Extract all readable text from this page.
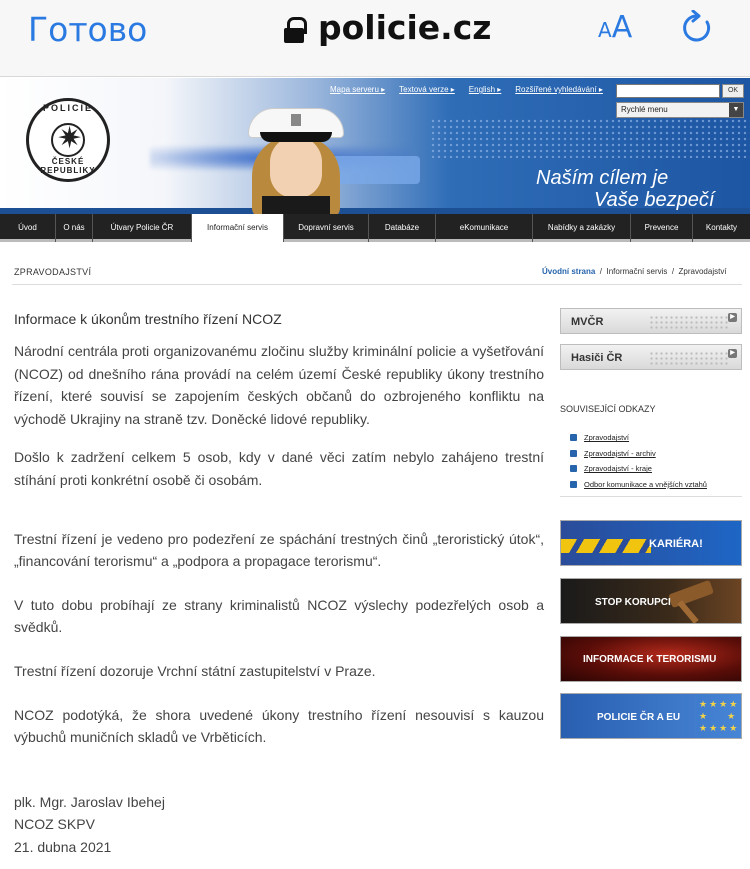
Готово	policie.cz	AA
POLICIE
✷
ČESKÉ REPUBLIKY	Naším cílem je
Vaše bezpečí
Mapa serveru ▸	Textová verze ▸	English ▸	Rozšířené vyhledávání ▸	OK
Rychlé menu	▼
Úvod	O nás	Útvary Policie ČR	Informační servis	Dopravní servis	Databáze	eKomunikace	Nabídky a zakázky	Prevence	Kontakty
ZPRAVODAJSTVÍ	Úvodní strana / Informační servis / Zpravodajství
Informace k úkonům trestního řízení NCOZ

Národní centrála proti organizovanému zločinu služby kriminální policie a vyšetřování (NCOZ) od dnešního rána provádí na celém území České republiky úkony trestního řízení, které souvisí se zapojením českých občanů do ozbrojeného konfliktu na východě Ukrajiny na straně tzv. Doněcké lidové republiky.

Došlo k zadržení celkem 5 osob, kdy v dané věci zatím nebylo zahájeno trestní stíhání proti konkrétní osobě či osobám.

Trestní řízení je vedeno pro podezření ze spáchání trestných činů „teroristický útok“, „financování terorismu“ a „podpora a propagace terorismu“.

V tuto dobu probíhají ze strany kriminalistů NCOZ výslechy podezřelých osob a svědků.

Trestní řízení dozoruje Vrchní státní zastupitelství v Praze.

NCOZ podotýká, že shora uvedené úkony trestního řízení nesouvisí s kauzou výbuchů muničních skladů ve Vrběticích.

plk. Mgr. Jaroslav Ibehej
NCOZ SKPV
21. dubna 2021
MVČR	▶
Hasiči ČR	▶
SOUVISEJÍCÍ ODKAZY
Zpravodajství
Zpravodajství - archiv
Zpravodajství - kraje
Odbor komunikace a vnějších vztahů
KARIÉRA!
STOP KORUPCI
INFORMACE K TERORISMU
★★★★
★    ★
★★★★
POLICIE ČR A EU
